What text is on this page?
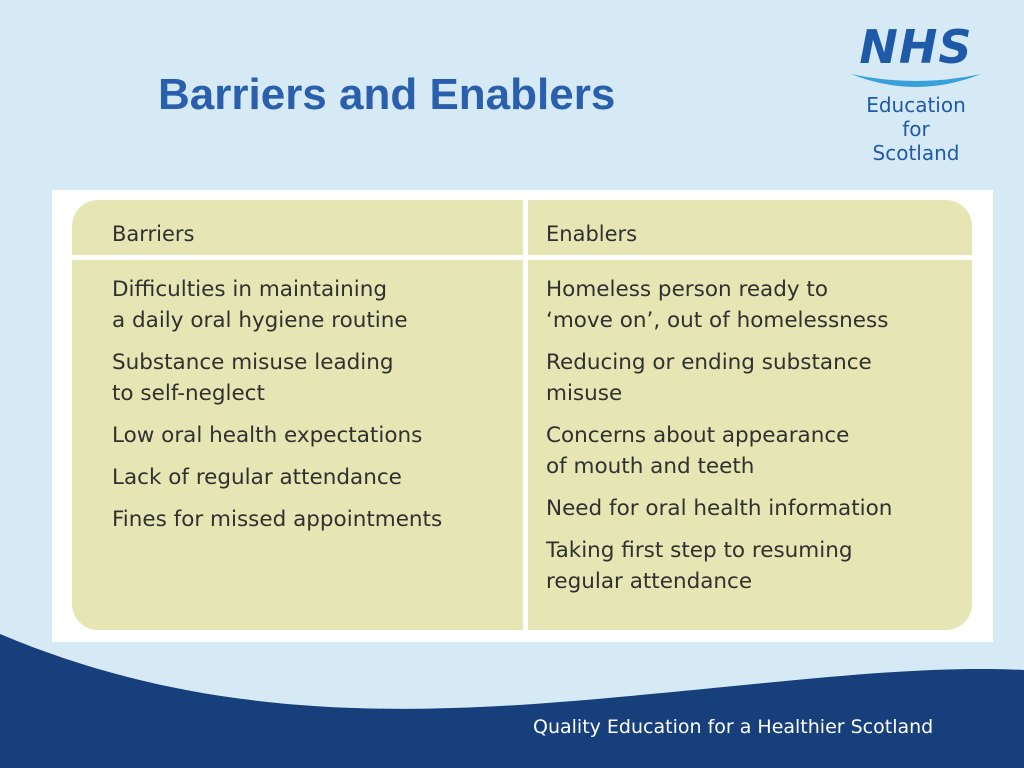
Barriers and Enablers
NHS
Education
for
Scotland
Barriers	Enablers
Difficulties in maintaining
a daily oral hygiene routine
Substance misuse leading
to self-neglect
Low oral health expectations
Lack of regular attendance
Fines for missed appointments
Homeless person ready to
‘move on’, out of homelessness
Reducing or ending substance
misuse
Concerns about appearance
of mouth and teeth
Need for oral health information
Taking first step to resuming
regular attendance
Quality Education for a Healthier Scotland
